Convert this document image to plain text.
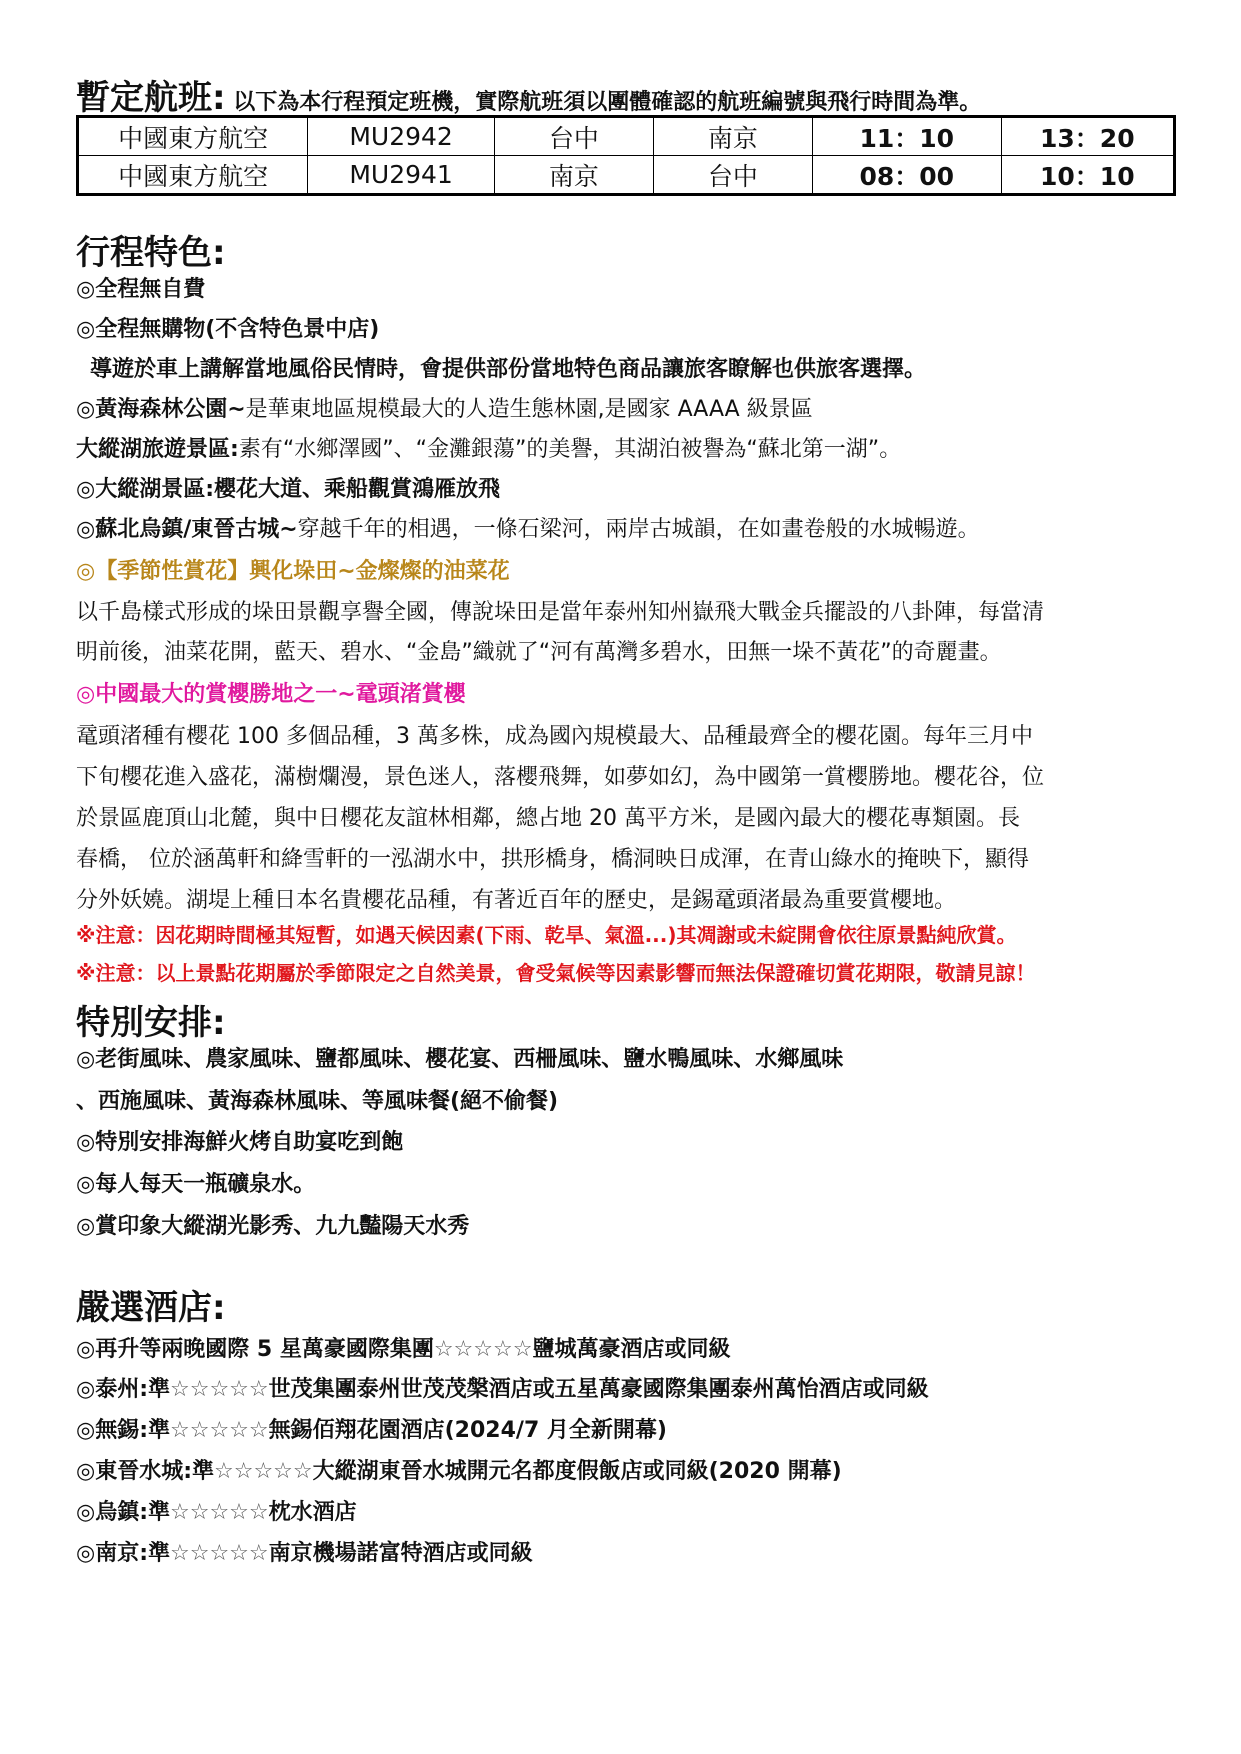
暫定航班: 以下為本行程預定班機，實際航班須以團體確認的航班編號與飛行時間為準。
中國東方航空	MU2942	台中	南京	11：10	13：20
中國東方航空	MU2941	南京	台中	08：00	10：10
行程特色:
◎全程無自費
◎全程無購物(不含特色景中店)
導遊於車上講解當地風俗民情時，會提供部份當地特色商品讓旅客瞭解也供旅客選擇。
◎黃海森林公園~是華東地區規模最大的人造生態林園,是國家 AAAA 級景區
大縱湖旅遊景區:素有“水鄉澤國”、“金灘銀蕩”的美譽，其湖泊被譽為“蘇北第一湖”。
◎大縱湖景區:櫻花大道、乘船觀賞鴻雁放飛
◎蘇北烏鎮/東晉古城~穿越千年的相遇，一條石梁河，兩岸古城韻，在如畫卷般的水城暢遊。
◎【季節性賞花】興化垛田~金燦燦的油菜花
以千島樣式形成的垛田景觀享譽全國，傳說垛田是當年泰州知州嶽飛大戰金兵擺設的八卦陣，每當清
明前後，油菜花開，藍天、碧水、“金島”織就了“河有萬灣多碧水，田無一垛不黃花”的奇麗畫。
◎中國最大的賞櫻勝地之一~鼋頭渚賞櫻
鼋頭渚種有櫻花 100 多個品種，3 萬多株，成為國內規模最大、品種最齊全的櫻花園。每年三月中
下旬櫻花進入盛花，滿樹爛漫，景色迷人，落櫻飛舞，如夢如幻，為中國第一賞櫻勝地。櫻花谷，位
於景區鹿頂山北麓，與中日櫻花友誼林相鄰，總占地 20 萬平方米，是國內最大的櫻花專類園。長
春橋， 位於涵萬軒和絳雪軒的一泓湖水中，拱形橋身，橋洞映日成渾，在青山綠水的掩映下，顯得
分外妖嬈。湖堤上種日本名貴櫻花品種，有著近百年的歷史，是錫鼋頭渚最為重要賞櫻地。
※注意：因花期時間極其短暫，如遇天候因素(下雨、乾旱、氣溫...)其凋謝或未綻開會依往原景點純欣賞。
※注意：以上景點花期屬於季節限定之自然美景，會受氣候等因素影響而無法保證確切賞花期限，敬請見諒！
特別安排:
◎老街風味、農家風味、鹽都風味、櫻花宴、西柵風味、鹽水鴨風味、水鄉風味
、西施風味、黃海森林風味、等風味餐(絕不偷餐)
◎特別安排海鮮火烤自助宴吃到飽
◎每人每天一瓶礦泉水。
◎賞印象大縱湖光影秀、九九豔陽天水秀
嚴選酒店:
◎再升等兩晚國際 5 星萬豪國際集團☆☆☆☆☆鹽城萬豪酒店或同級
◎泰州:準☆☆☆☆☆世茂集團泰州世茂茂槃酒店或五星萬豪國際集團泰州萬怡酒店或同級
◎無錫:準☆☆☆☆☆無錫佰翔花園酒店(2024/7 月全新開幕)
◎東晉水城:準☆☆☆☆☆大縱湖東晉水城開元名都度假飯店或同級(2020 開幕)
◎烏鎮:準☆☆☆☆☆枕水酒店
◎南京:準☆☆☆☆☆南京機場諾富特酒店或同級
